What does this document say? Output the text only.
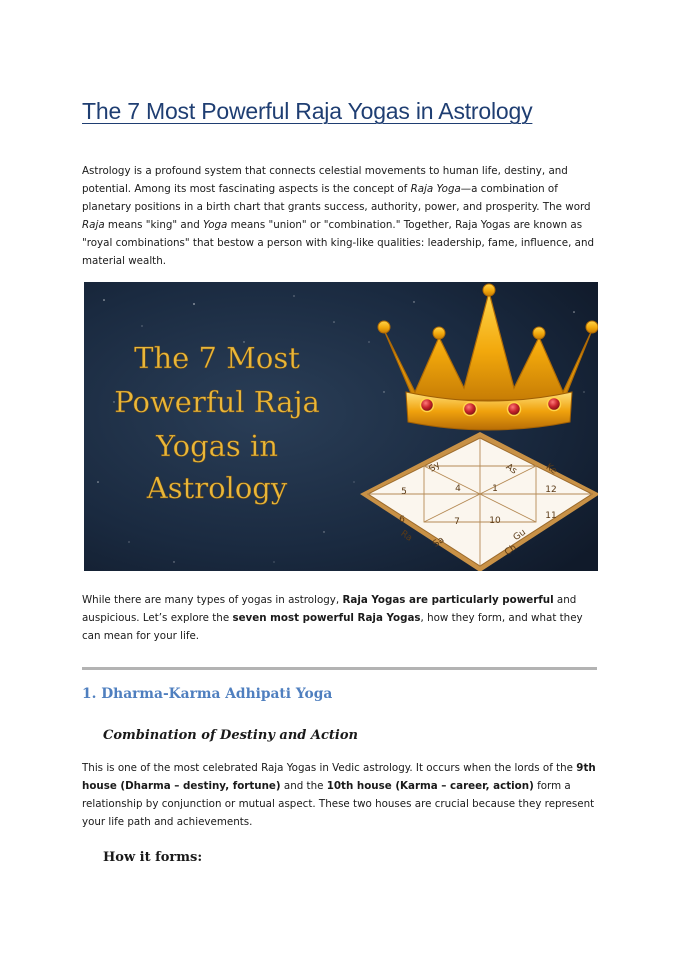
The 7 Most Powerful Raja Yogas in Astrology

Astrology is a profound system that connects celestial movements to human life, destiny, and potential. Among its most fascinating aspects is the concept of Raja Yoga—a combination of planetary positions in a birth chart that grants success, authority, power, and prosperity. The word Raja means "king" and Yoga means "union" or "combination." Together, Raja Yogas are known as "royal combinations" that bestow a person with king-like qualities: leadership, fame, influence, and material wealth.

The 7 Most
Powerful Raja
Yogas in
Astrology
Sy	As	Ke
4	1	12
5
11
6	7	10
Ra Sa	Gu
Ch

While there are many types of yogas in astrology, Raja Yogas are particularly powerful and auspicious. Let’s explore the seven most powerful Raja Yogas, how they form, and what they can mean for your life.

1. Dharma-Karma Adhipati Yoga
Combination of Destiny and Action

This is one of the most celebrated Raja Yogas in Vedic astrology. It occurs when the lords of the 9th house (Dharma – destiny, fortune) and the 10th house (Karma – career, action) form a relationship by conjunction or mutual aspect. These two houses are crucial because they represent your life path and achievements.

How it forms:
